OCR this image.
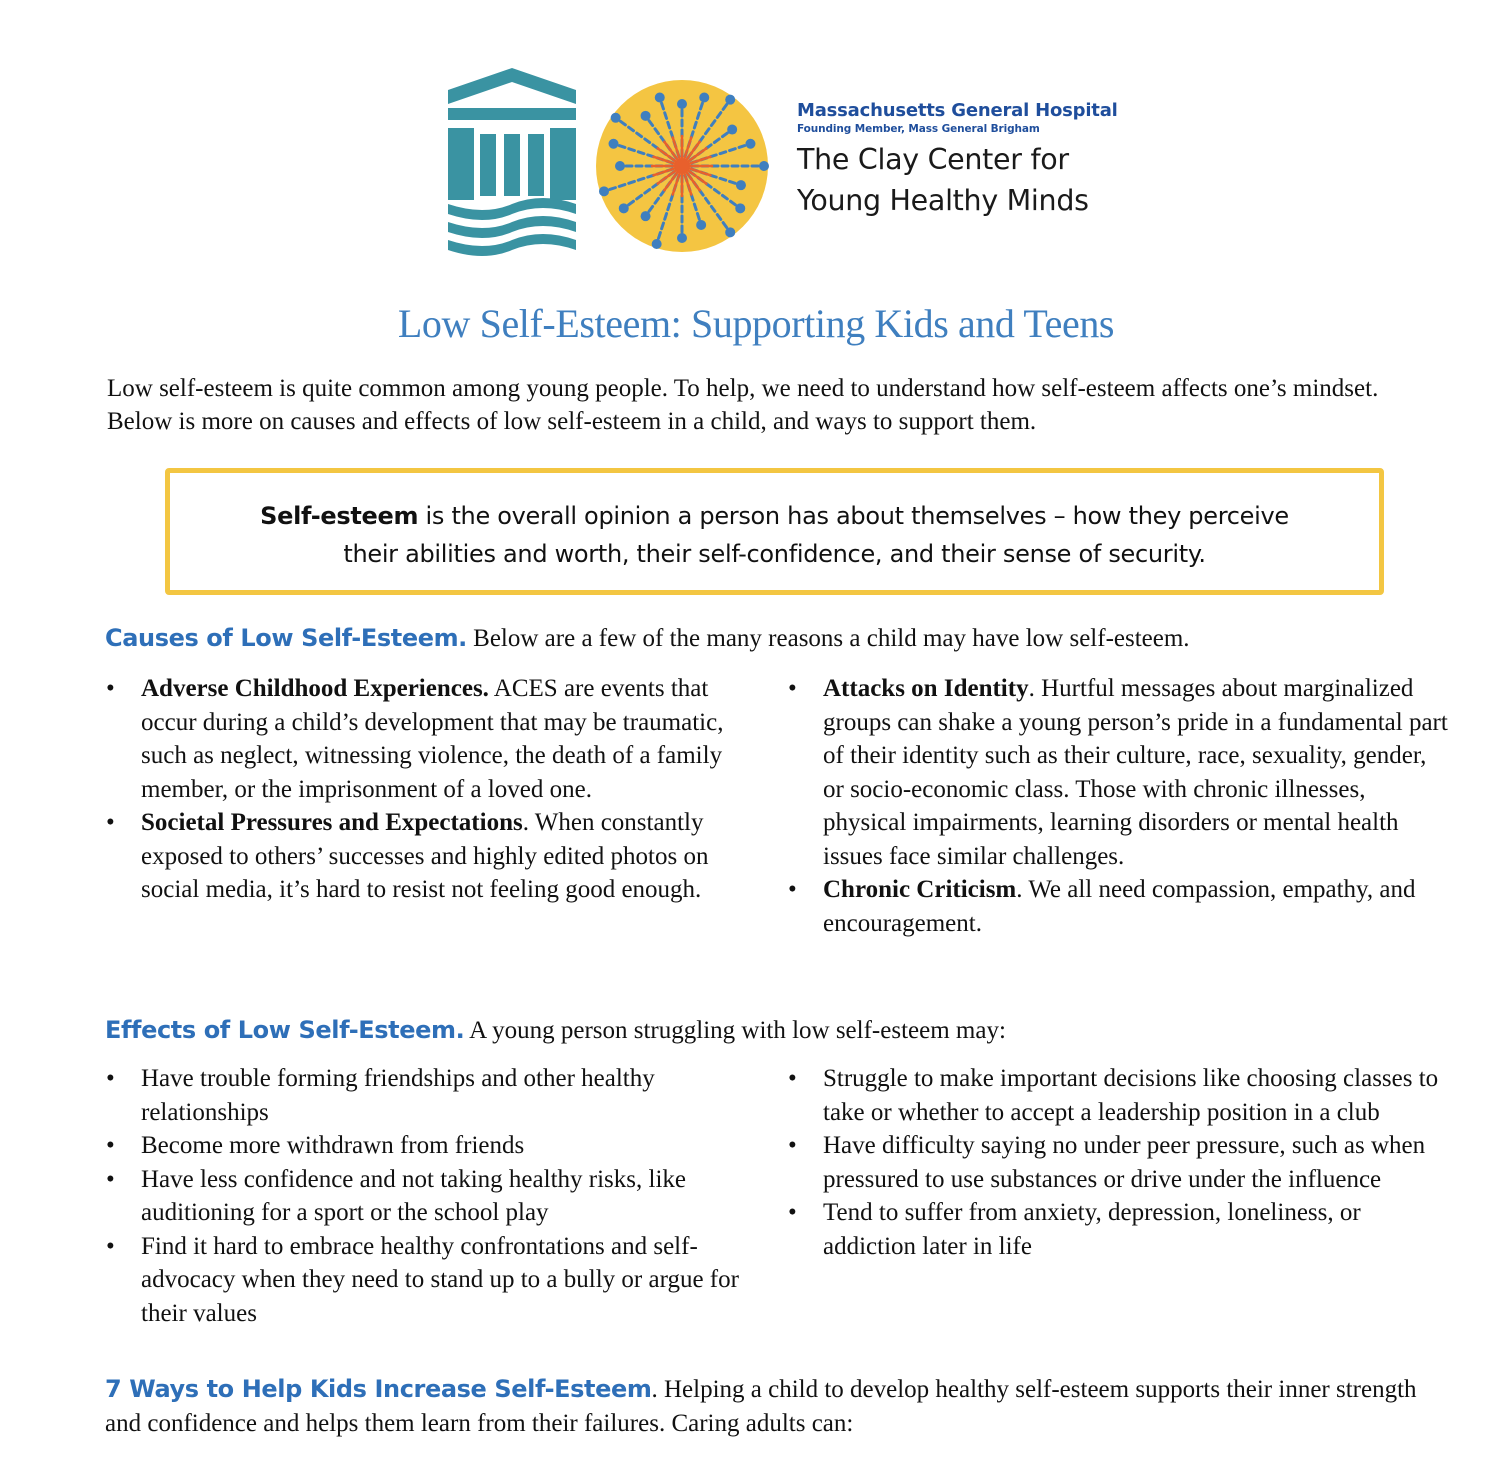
Massachusetts General Hospital
Founding Member, Mass General Brigham
The Clay Center for
Young Healthy Minds
Low Self-Esteem: Supporting Kids and Teens

Low self-esteem is quite common among young people. To help, we need to understand how self-esteem affects one’s mindset. Below is more on causes and effects of low self-esteem in a child, and ways to support them.

Self-esteem is the overall opinion a person has about themselves – how they perceive
their abilities and worth, their self-confidence, and their sense of security.
Causes of Low Self-Esteem. Below are a few of the many reasons a child may have low self-esteem.
• Adverse Childhood Experiences. ACES are events that occur during a child’s development that may be traumatic, such as neglect, witnessing violence, the death of a family member, or the imprisonment of a loved one.
• Societal Pressures and Expectations. When constantly exposed to others’ successes and highly edited photos on social media, it’s hard to resist not feeling good enough.
• Attacks on Identity. Hurtful messages about marginalized groups can shake a young person’s pride in a fundamental part of their identity such as their culture, race, sexuality, gender, or socio-economic class. Those with chronic illnesses, physical impairments, learning disorders or mental health issues face similar challenges.
• Chronic Criticism. We all need compassion, empathy, and encouragement.
Effects of Low Self-Esteem. A young person struggling with low self-esteem may:
• Have trouble forming friendships and other healthy relationships
• Become more withdrawn from friends
• Have less confidence and not taking healthy risks, like auditioning for a sport or the school play
• Find it hard to embrace healthy confrontations and self-advocacy when they need to stand up to a bully or argue for their values
• Struggle to make important decisions like choosing classes to take or whether to accept a leadership position in a club
• Have difficulty saying no under peer pressure, such as when pressured to use substances or drive under the influence
• Tend to suffer from anxiety, depression, loneliness, or addiction later in life

7 Ways to Help Kids Increase Self-Esteem. Helping a child to develop healthy self-esteem supports their inner strength and confidence and helps them learn from their failures. Caring adults can:
